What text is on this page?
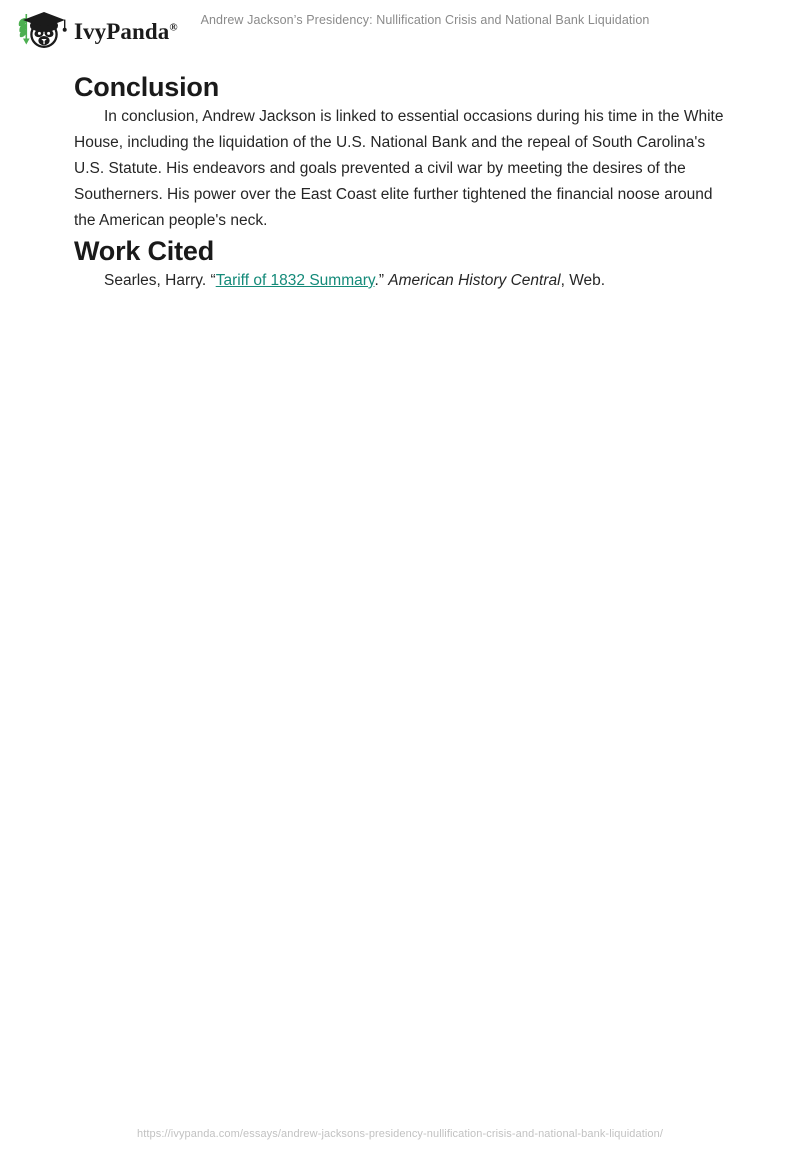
IvyPanda®	Andrew Jackson’s Presidency: Nullification Crisis and National Bank Liquidation
Conclusion

In conclusion, Andrew Jackson is linked to essential occasions during his time in the White House, including the liquidation of the U.S. National Bank and the repeal of South Carolina's U.S. Statute. His endeavors and goals prevented a civil war by meeting the desires of the Southerners. His power over the East Coast elite further tightened the financial noose around the American people's neck.

Work Cited

Searles, Harry. “Tariff of 1832 Summary.” American History Central, Web.

https://ivypanda.com/essays/andrew-jacksons-presidency-nullification-crisis-and-national-bank-liquidation/
